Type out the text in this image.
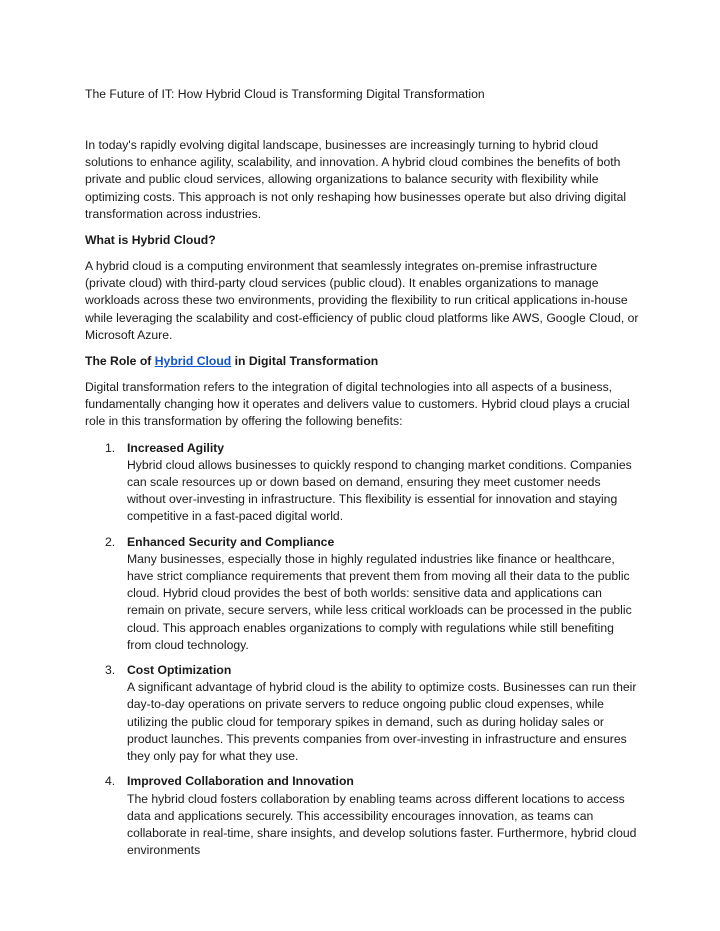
The Future of IT: How Hybrid Cloud is Transforming Digital Transformation

In today's rapidly evolving digital landscape, businesses are increasingly turning to hybrid cloud solutions to enhance agility, scalability, and innovation. A hybrid cloud combines the benefits of both private and public cloud services, allowing organizations to balance security with flexibility while optimizing costs. This approach is not only reshaping how businesses operate but also driving digital transformation across industries.

What is Hybrid Cloud?

A hybrid cloud is a computing environment that seamlessly integrates on-premise infrastructure (private cloud) with third-party cloud services (public cloud). It enables organizations to manage workloads across these two environments, providing the flexibility to run critical applications in-house while leveraging the scalability and cost-efficiency of public cloud platforms like AWS, Google Cloud, or Microsoft Azure.

The Role of Hybrid Cloud in Digital Transformation

Digital transformation refers to the integration of digital technologies into all aspects of a business, fundamentally changing how it operates and delivers value to customers. Hybrid cloud plays a crucial role in this transformation by offering the following benefits:

1. Increased Agility

Hybrid cloud allows businesses to quickly respond to changing market conditions. Companies can scale resources up or down based on demand, ensuring they meet customer needs without over-investing in infrastructure. This flexibility is essential for innovation and staying competitive in a fast-paced digital world.

2. Enhanced Security and Compliance

Many businesses, especially those in highly regulated industries like finance or healthcare, have strict compliance requirements that prevent them from moving all their data to the public cloud. Hybrid cloud provides the best of both worlds: sensitive data and applications can remain on private, secure servers, while less critical workloads can be processed in the public cloud. This approach enables organizations to comply with regulations while still benefiting from cloud technology.

3. Cost Optimization

A significant advantage of hybrid cloud is the ability to optimize costs. Businesses can run their day-to-day operations on private servers to reduce ongoing public cloud expenses, while utilizing the public cloud for temporary spikes in demand, such as during holiday sales or product launches. This prevents companies from over-investing in infrastructure and ensures they only pay for what they use.

4. Improved Collaboration and Innovation

The hybrid cloud fosters collaboration by enabling teams across different locations to access data and applications securely. This accessibility encourages innovation, as teams can collaborate in real-time, share insights, and develop solutions faster. Furthermore, hybrid cloud environments
